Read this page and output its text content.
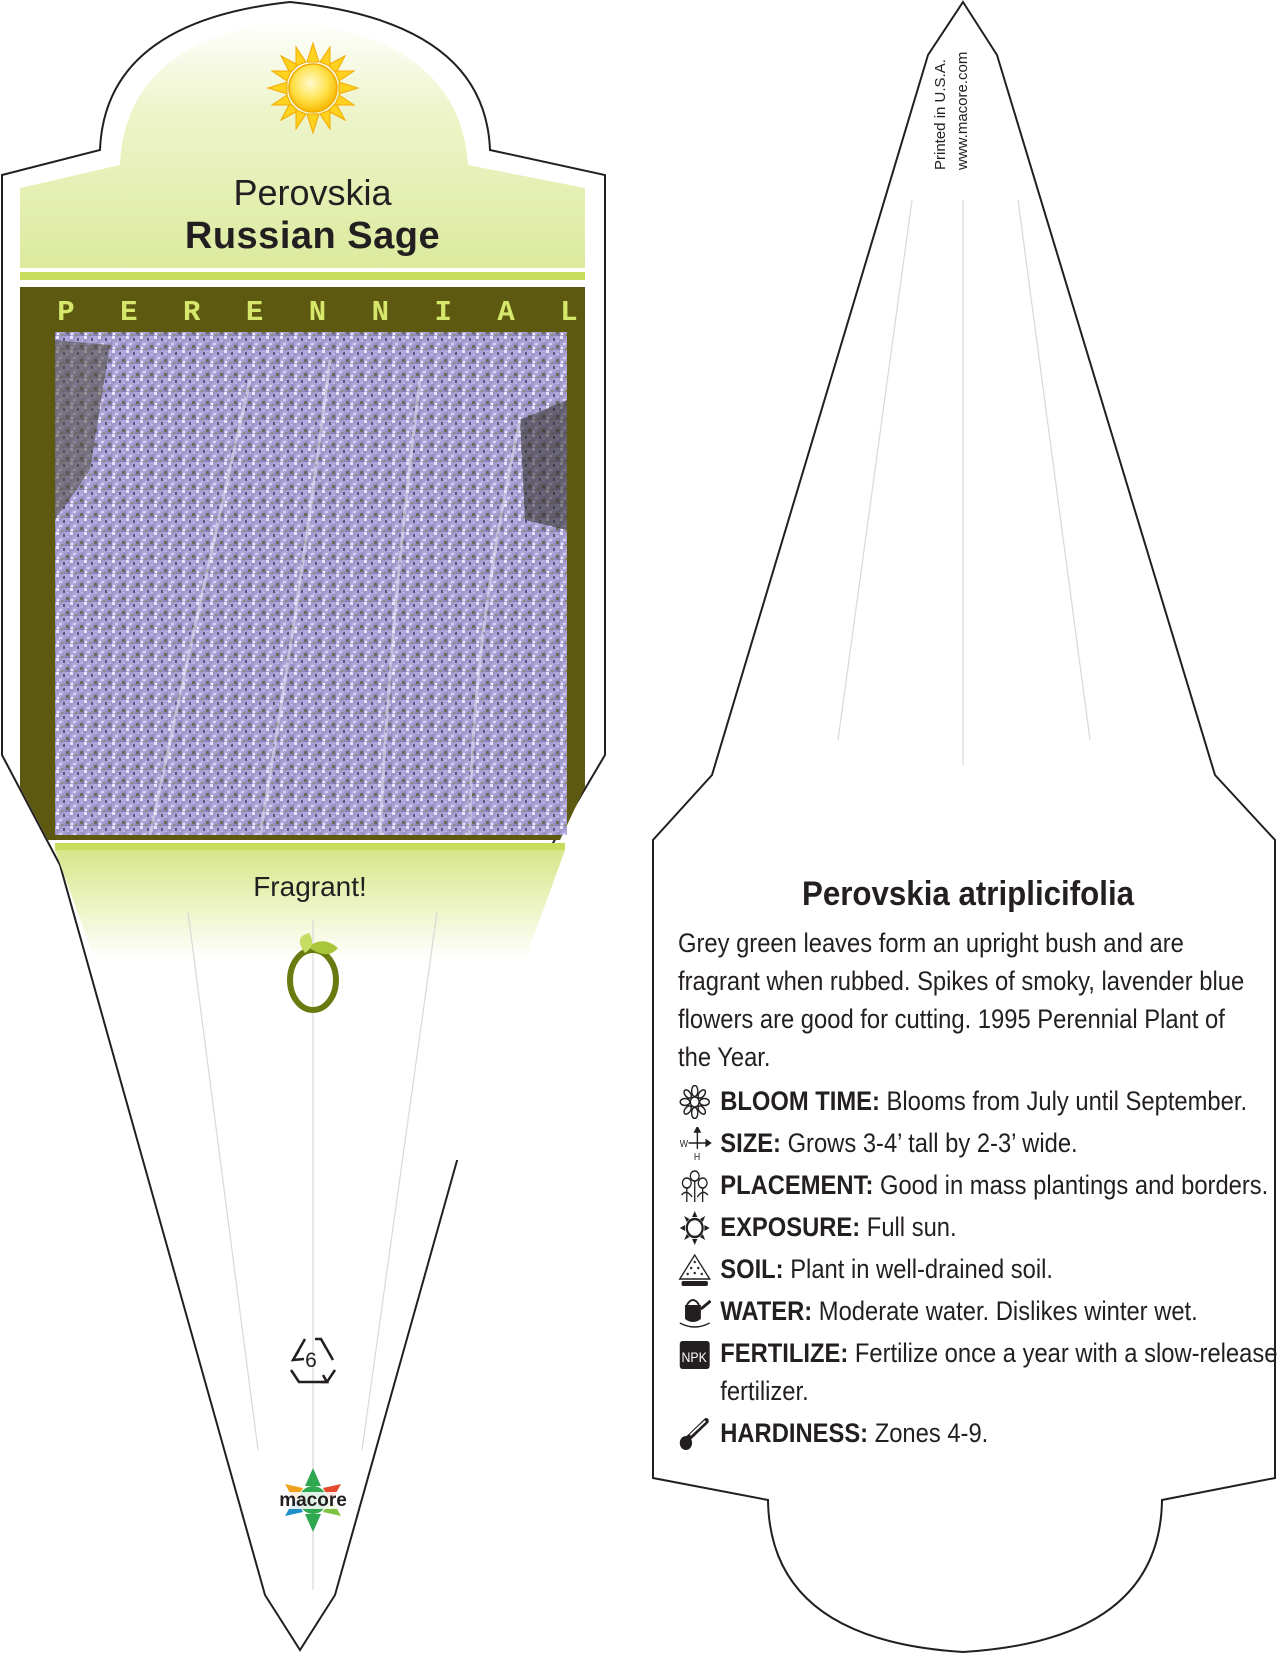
Perovskia
Russian Sage
P E R E N N I A L
Fragrant!
6
macore
Printed in U.S.A. www.macore.com
Perovskia atriplicifolia
Grey green leaves form an upright bush and are fragrant when rubbed. Spikes of smoky, lavender blue flowers are good for cutting. 1995 Perennial Plant of the Year.
BLOOM TIME: Blooms from July until September.
W
H SIZE: Grows 3-4’ tall by 2-3’ wide.
PLACEMENT: Good in mass plantings and borders.
EXPOSURE: Full sun.
SOIL: Plant in well-drained soil.
WATER: Moderate water. Dislikes winter wet.
NPK FERTILIZE: Fertilize once a year with a slow-release fertilizer.
HARDINESS: Zones 4-9.
